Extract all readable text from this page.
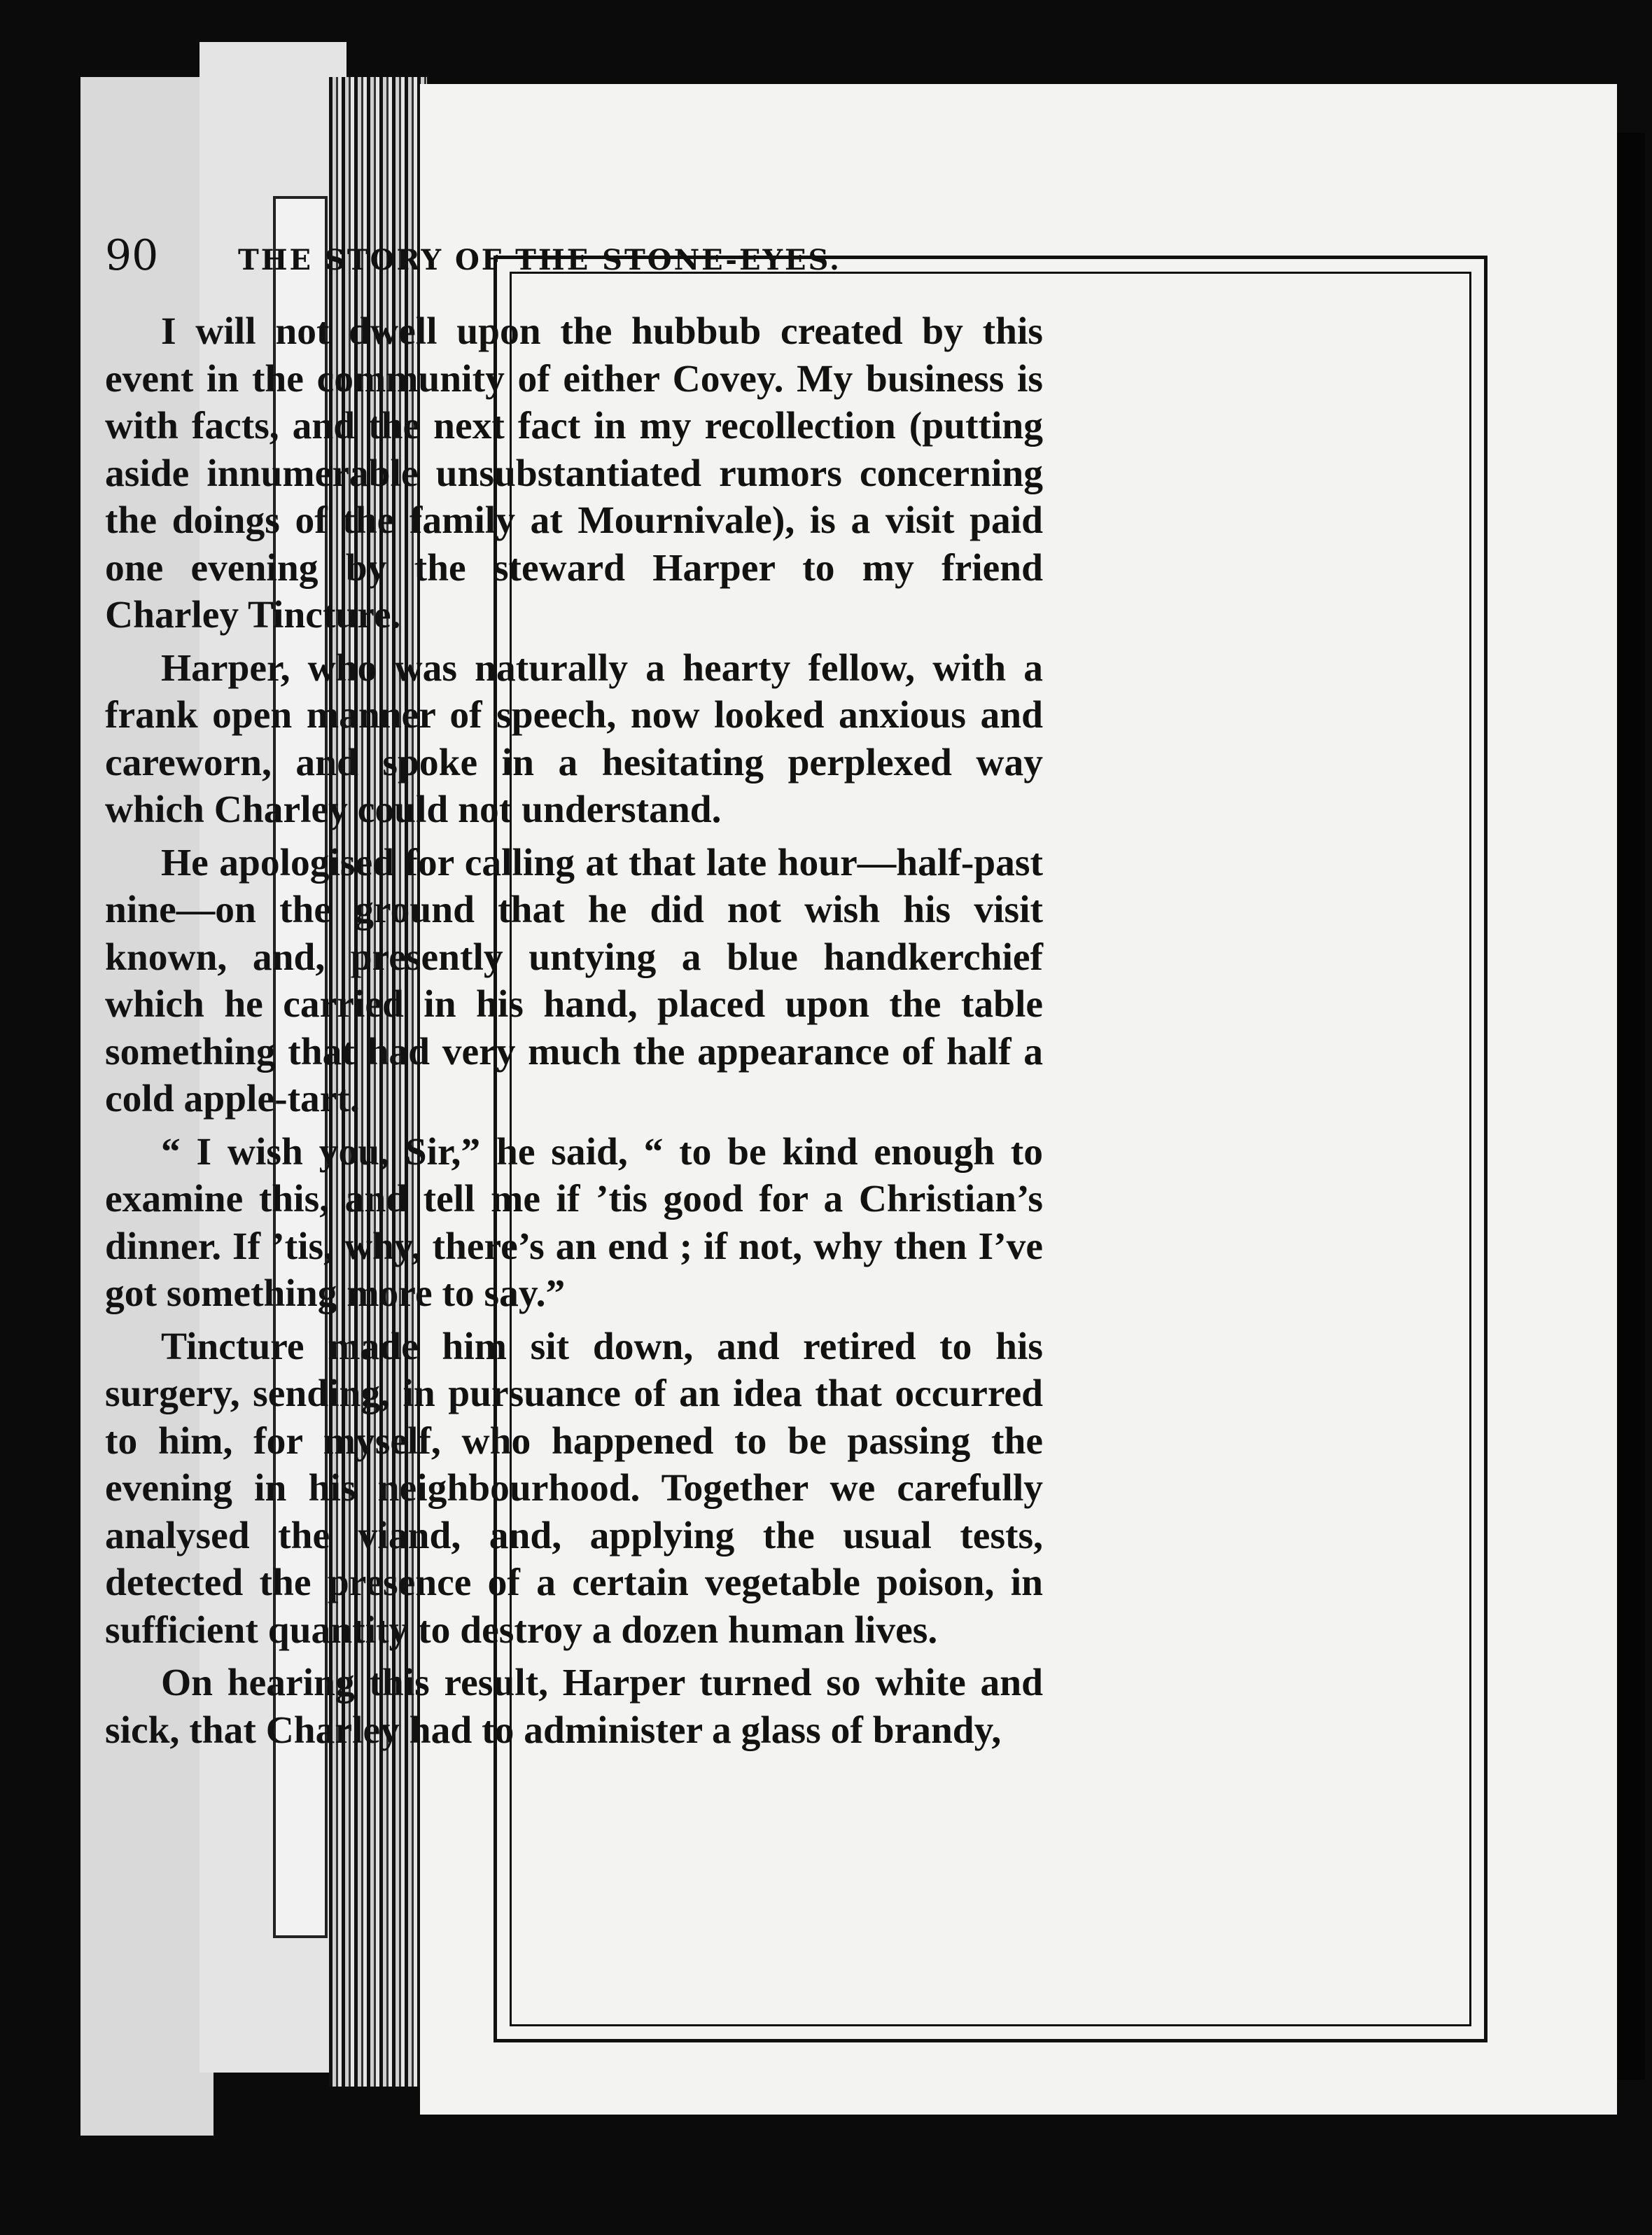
90	THE STORY OF THE STONE-EYES.

I will not dwell upon the hubbub created by this event in the community of either Covey. My business is with facts, and the next fact in my recollection (putting aside innumerable unsubstantiated rumors concerning the doings of the family at Mournivale), is a visit paid one evening by the steward Harper to my friend Charley Tincture.

Harper, who was naturally a hearty fellow, with a frank open manner of speech, now looked anxious and careworn, and spoke in a hesitating perplexed way which Charley could not understand.

He apologised for calling at that late hour—half-past nine—on the ground that he did not wish his visit known, and, presently untying a blue handkerchief which he carried in his hand, placed upon the table something that had very much the appearance of half a cold apple-tart.

“ I wish you, Sir,” he said, “ to be kind enough to examine this, and tell me if ’tis good for a Christian’s dinner. If ’tis, why, there’s an end ; if not, why then I’ve got something more to say.”

Tincture made him sit down, and retired to his surgery, sending, in pursuance of an idea that occurred to him, for myself, who happened to be passing the evening in his neighbourhood. Together we carefully analysed the viand, and, applying the usual tests, detected the presence of a certain vegetable poison, in sufficient quantity to destroy a dozen human lives.

On hearing this result, Harper turned so white and sick, that Charley had to administer a glass of brandy,
